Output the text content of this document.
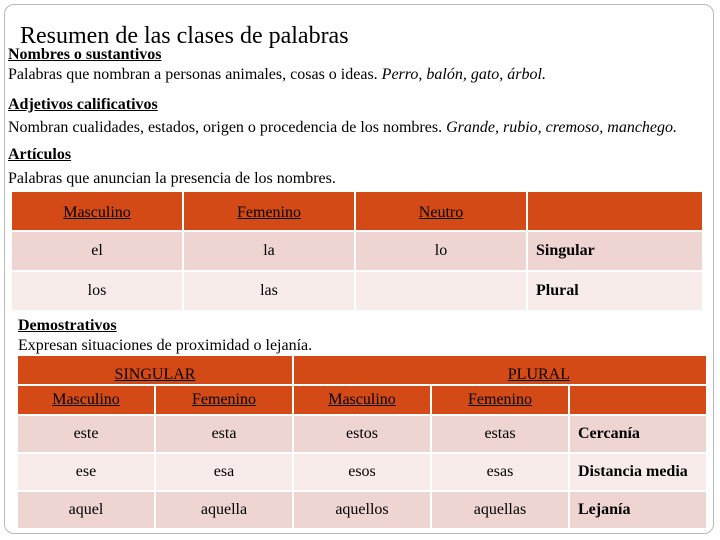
Resumen de las clases de palabras
Nombres o sustantivos
Palabras que nombran a personas animales, cosas o ideas. Perro, balón, gato, árbol.
Adjetivos calificativos
Nombran cualidades, estados, origen o procedencia de los nombres. Grande, rubio, cremoso, manchego.
Artículos
Palabras que anuncian la presencia de los nombres.
Masculino	Femenino	Neutro	
el	la	lo	Singular
los	las		Plural
Demostrativos
Expresan situaciones de proximidad o lejanía.
SINGULAR		PLURAL		
Masculino	Femenino	Masculino	Femenino	
este	esta	estos	estas	Cercanía
ese	esa	esos	esas	Distancia media
aquel	aquella	aquellos	aquellas	Lejanía
